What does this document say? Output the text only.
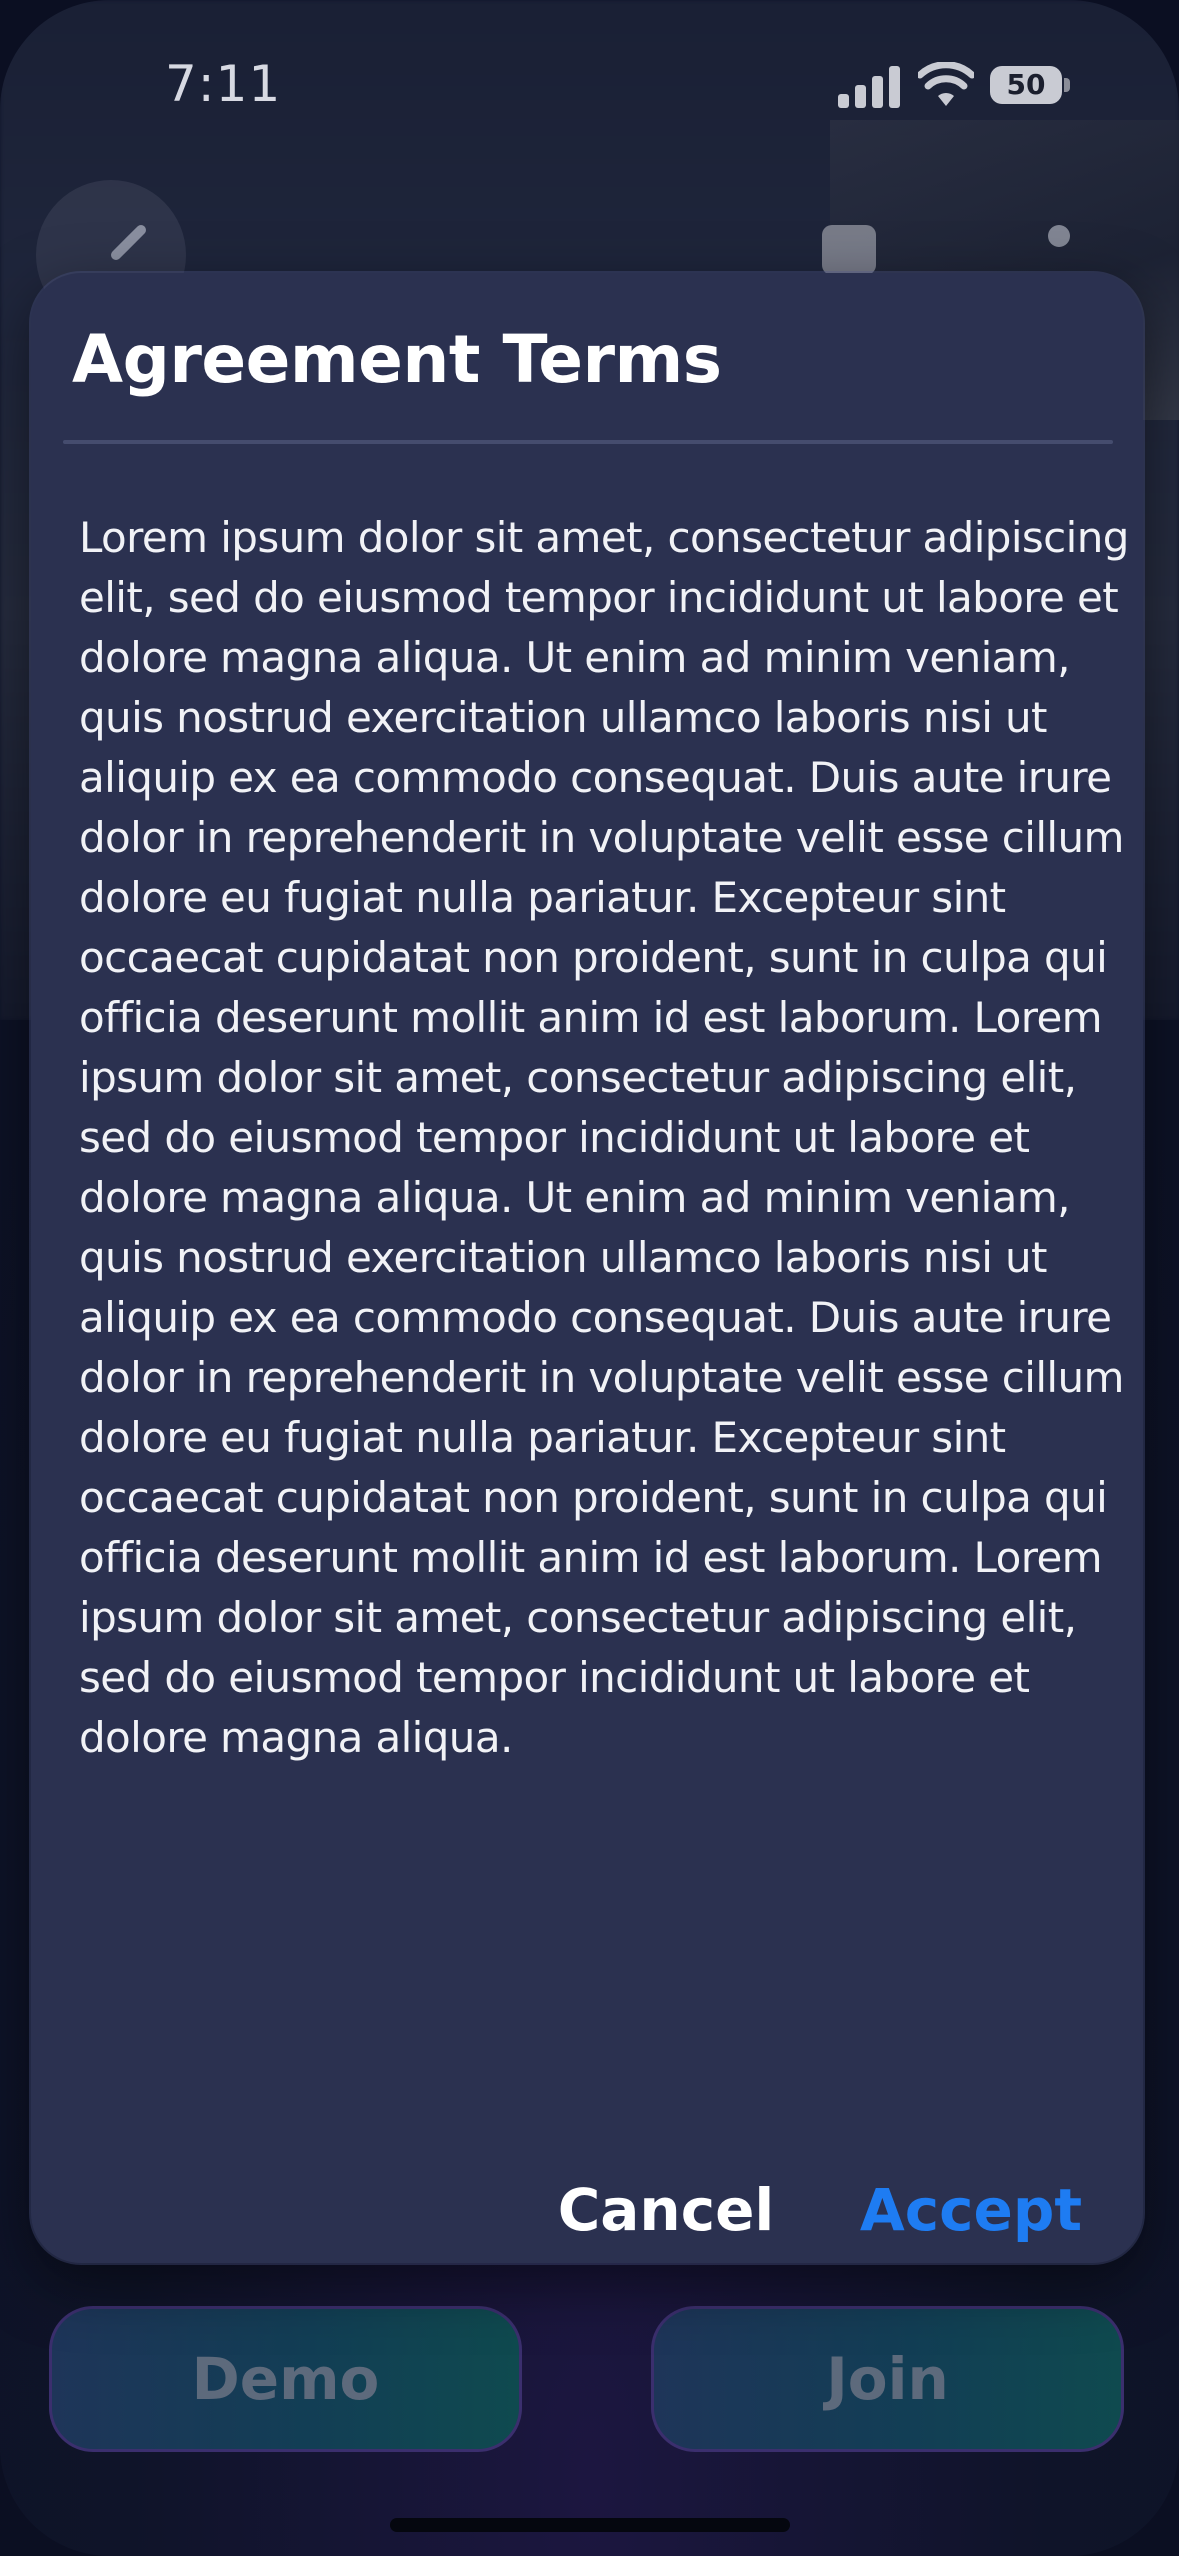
7:11	50
Demo	Join
Agreement Terms

Lorem ipsum dolor sit amet, consectetur adipiscing elit, sed do eiusmod tempor incididunt ut labore et dolore magna aliqua. Ut enim ad minim veniam, quis nostrud exercitation ullamco laboris nisi ut aliquip ex ea commodo consequat. Duis aute irure dolor in reprehenderit in voluptate velit esse cillum dolore eu fugiat nulla pariatur. Excepteur sint occaecat cupidatat non proident, sunt in culpa qui officia deserunt mollit anim id est laborum. Lorem ipsum dolor sit amet, consectetur adipiscing elit, sed do eiusmod tempor incididunt ut labore et dolore magna aliqua. Ut enim ad minim veniam, quis nostrud exercitation ullamco laboris nisi ut aliquip ex ea commodo consequat. Duis aute irure dolor in reprehenderit in voluptate velit esse cillum dolore eu fugiat nulla pariatur. Excepteur sint occaecat cupidatat non proident, sunt in culpa qui officia deserunt mollit anim id est laborum. Lorem ipsum dolor sit amet, consectetur adipiscing elit, sed do eiusmod tempor incididunt ut labore et dolore magna aliqua.

Cancel	Accept
